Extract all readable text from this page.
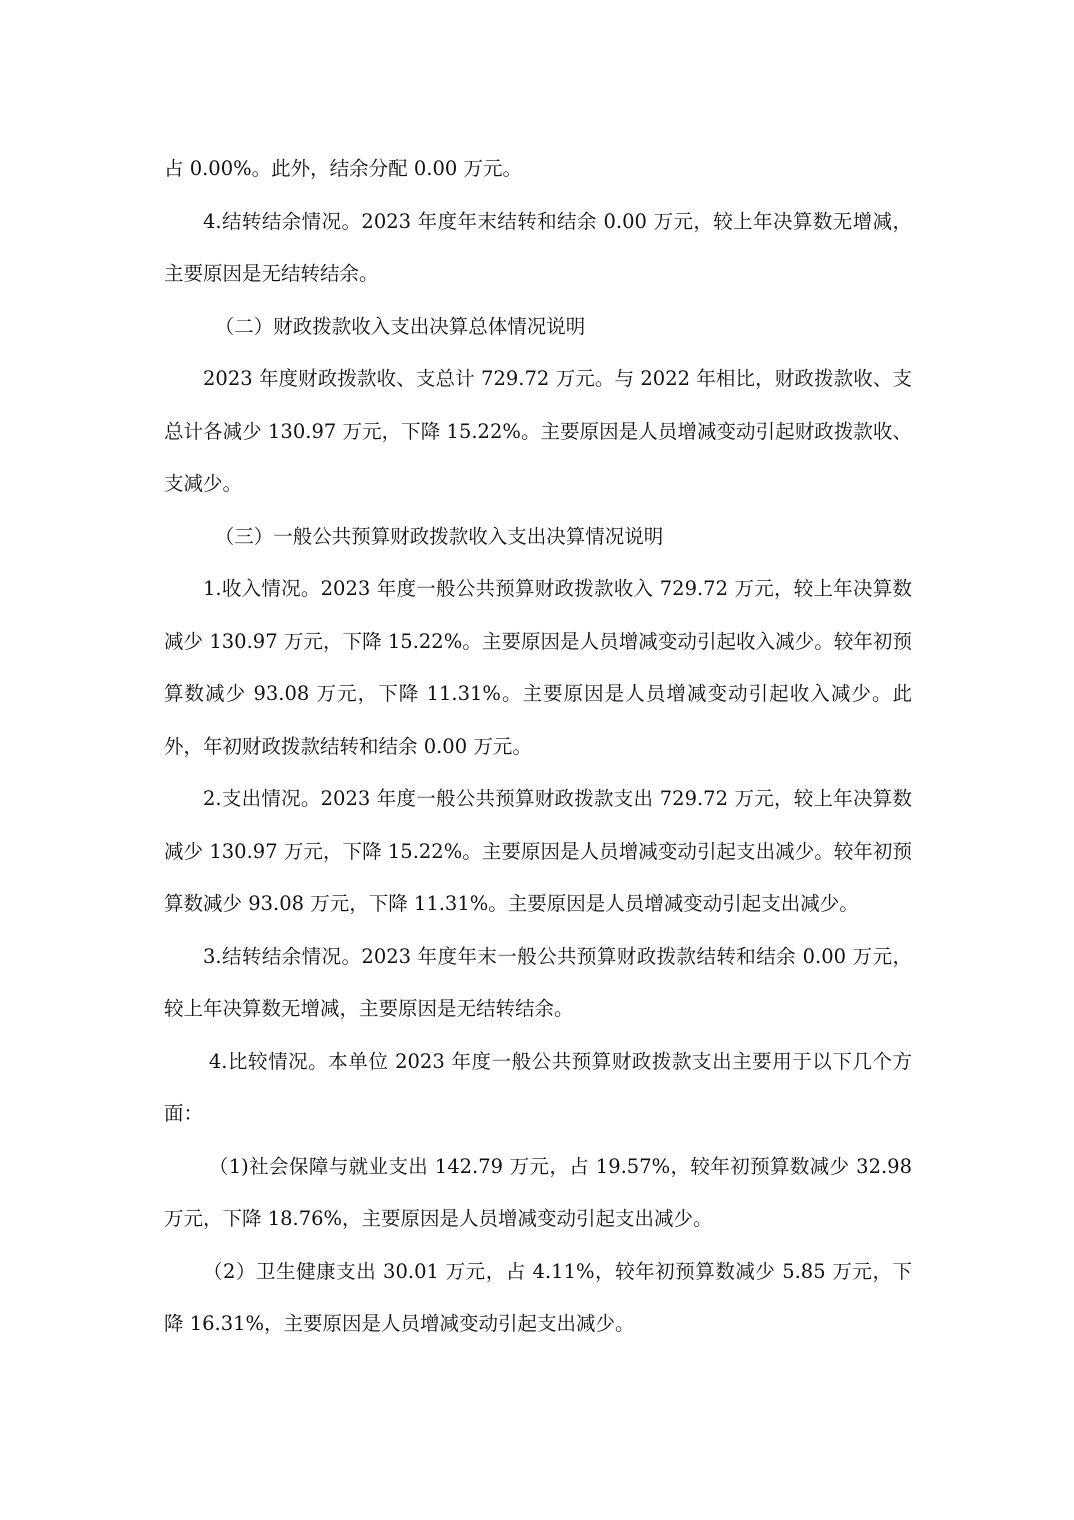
占 0.00%。此外，结余分配 0.00 万元。

4.结转结余情况。2023 年度年末结转和结余 0.00 万元，较上年决算数无增减，主要原因是无结转结余。

（二）财政拨款收入支出决算总体情况说明

2023 年度财政拨款收、支总计 729.72 万元。与 2022 年相比，财政拨款收、支总计各减少 130.97 万元，下降 15.22%。主要原因是人员增减变动引起财政拨款收、支减少。

（三）一般公共预算财政拨款收入支出决算情况说明

1.收入情况。2023 年度一般公共预算财政拨款收入 729.72 万元，较上年决算数减少 130.97 万元，下降 15.22%。主要原因是人员增减变动引起收入减少。较年初预算数减少 93.08 万元，下降 11.31%。主要原因是人员增减变动引起收入减少。此外，年初财政拨款结转和结余 0.00 万元。

2.支出情况。2023 年度一般公共预算财政拨款支出 729.72 万元，较上年决算数减少 130.97 万元，下降 15.22%。主要原因是人员增减变动引起支出减少。较年初预算数减少 93.08 万元，下降 11.31%。主要原因是人员增减变动引起支出减少。

3.结转结余情况。2023 年度年末一般公共预算财政拨款结转和结余 0.00 万元，较上年决算数无增减，主要原因是无结转结余。

4.比较情况。本单位 2023 年度一般公共预算财政拨款支出主要用于以下几个方面：

（1)社会保障与就业支出 142.79 万元，占 19.57%，较年初预算数减少 32.98 万元，下降 18.76%，主要原因是人员增减变动引起支出减少。

（2）卫生健康支出 30.01 万元，占 4.11%，较年初预算数减少 5.85 万元，下降 16.31%，主要原因是人员增减变动引起支出减少。
